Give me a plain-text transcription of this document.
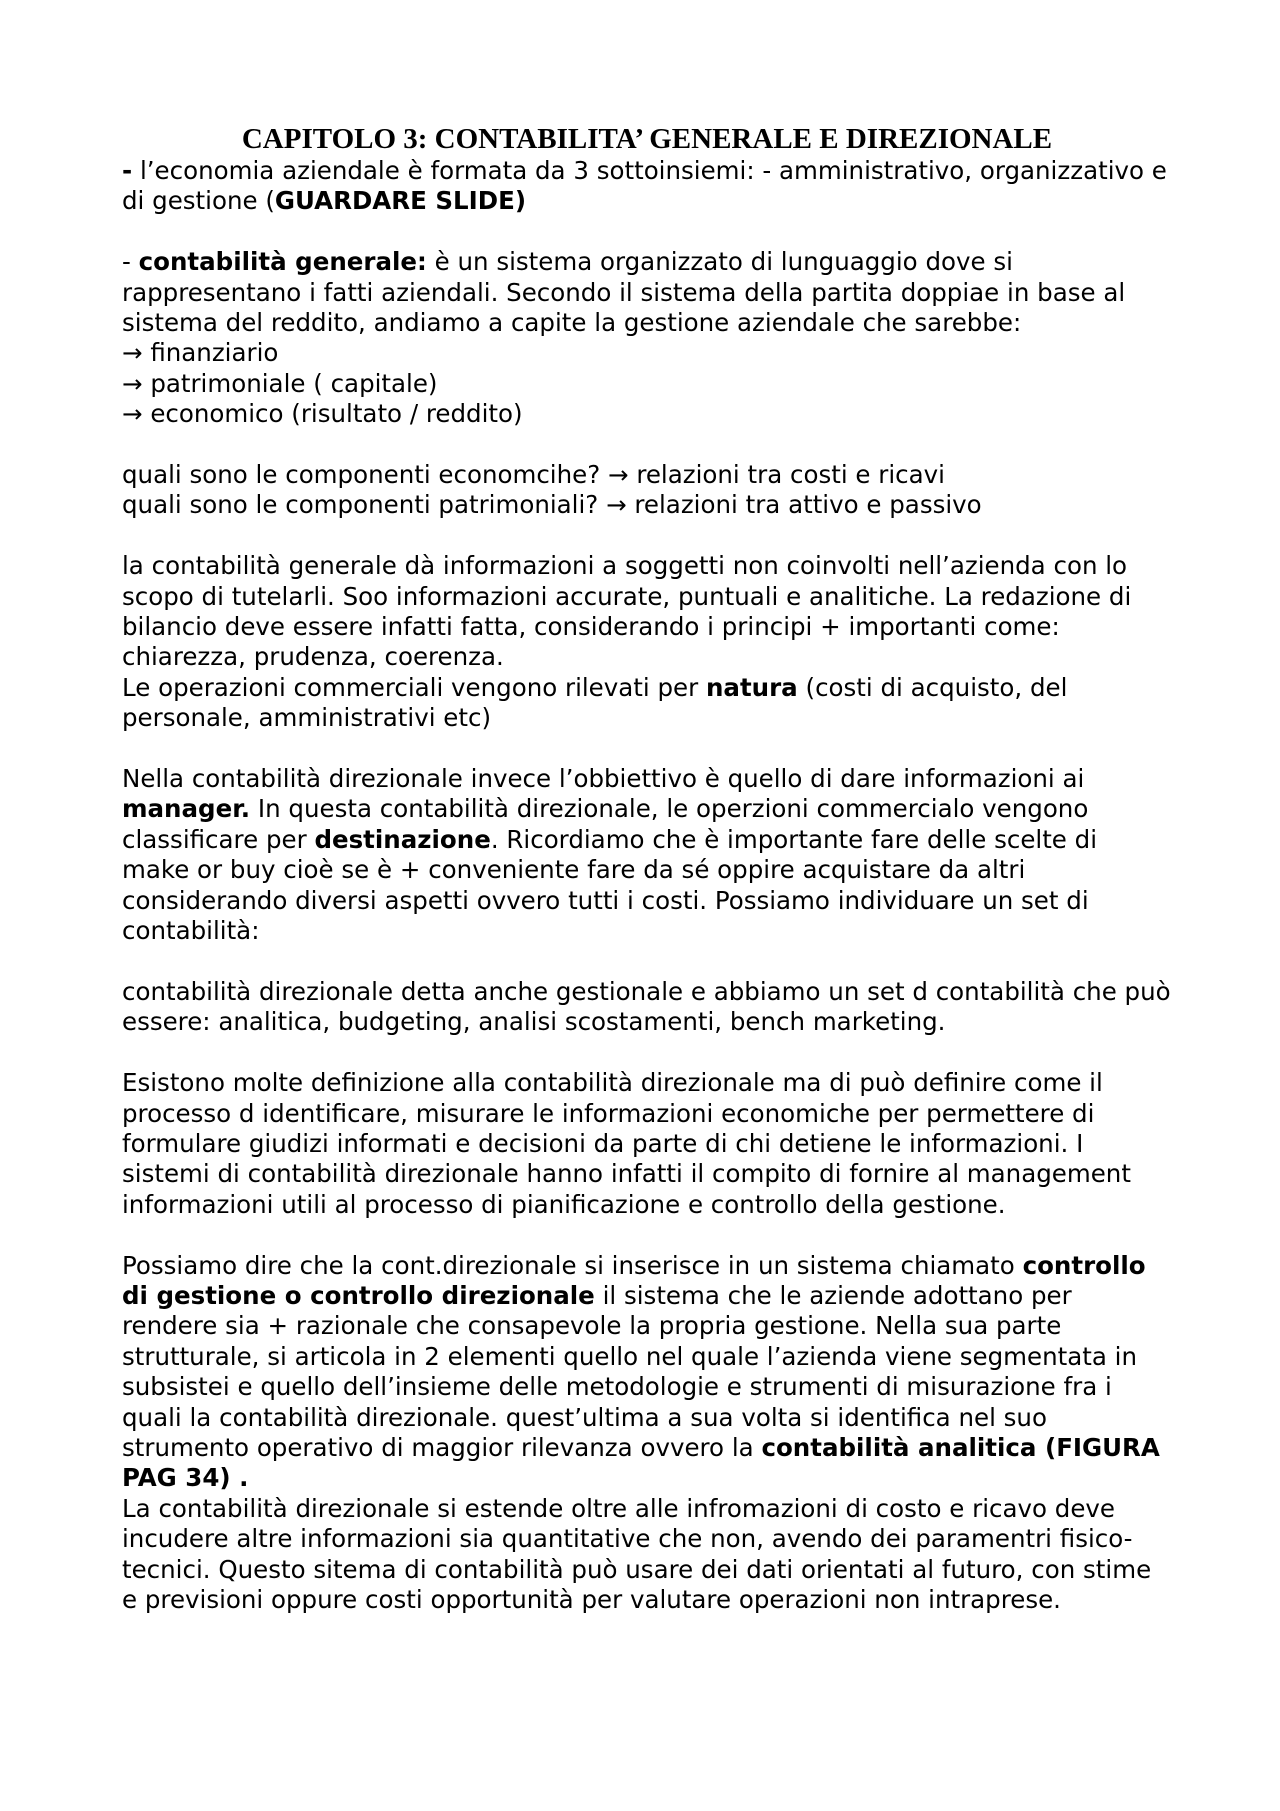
CAPITOLO 3: CONTABILITA’ GENERALE E DIREZIONALE

- l’economia aziendale è formata da 3 sottoinsiemi: - amministrativo, organizzativo e di gestione (GUARDARE SLIDE)

- contabilità generale: è un sistema organizzato di lunguaggio dove si rappresentano i fatti aziendali. Secondo il sistema della partita doppiae in base al sistema del reddito, andiamo a capite la gestione aziendale che sarebbe:

→ finanziario

→ patrimoniale ( capitale)

→ economico (risultato / reddito)

quali sono le componenti economcihe? → relazioni tra costi e ricavi

quali sono le componenti patrimoniali? → relazioni tra attivo e passivo

la contabilità generale dà informazioni a soggetti non coinvolti nell’azienda con lo scopo di tutelarli. Soo informazioni accurate, puntuali e analitiche. La redazione di bilancio deve essere infatti fatta, considerando i principi + importanti come: chiarezza, prudenza, coerenza.

Le operazioni commerciali vengono rilevati per natura (costi di acquisto, del personale, amministrativi etc)

Nella contabilità direzionale invece l’obbiettivo è quello di dare informazioni ai manager. In questa contabilità direzionale, le operzioni commercialo vengono classificare per destinazione. Ricordiamo che è importante fare delle scelte di make or buy cioè se è + conveniente fare da sé oppire acquistare da altri considerando diversi aspetti ovvero tutti i costi. Possiamo individuare un set di contabilità:

contabilità direzionale detta anche gestionale e abbiamo un set d contabilità che può essere: analitica, budgeting, analisi scostamenti, bench marketing.

Esistono molte definizione alla contabilità direzionale ma di può definire come il processo d identificare, misurare le informazioni economiche per permettere di formulare giudizi informati e decisioni da parte di chi detiene le informazioni. I sistemi di contabilità direzionale hanno infatti il compito di fornire al management informazioni utili al processo di pianificazione e controllo della gestione.

Possiamo dire che la cont.direzionale si inserisce in un sistema chiamato controllo di gestione o controllo direzionale il sistema che le aziende adottano per rendere sia + razionale che consapevole la propria gestione. Nella sua parte strutturale, si articola in 2 elementi quello nel quale l’azienda viene segmentata in subsistei e quello dell’insieme delle metodologie e strumenti di misurazione fra i quali la contabilità direzionale. quest’ultima a sua volta si identifica nel suo strumento operativo di maggior rilevanza ovvero la contabilità analitica (FIGURA PAG 34) .

La contabilità direzionale si estende oltre alle infromazioni di costo e ricavo deve incudere altre informazioni sia quantitative che non, avendo dei paramentri fisico-tecnici. Questo sitema di contabilità può usare dei dati orientati al futuro, con stime e previsioni oppure costi opportunità per valutare operazioni non intraprese.
